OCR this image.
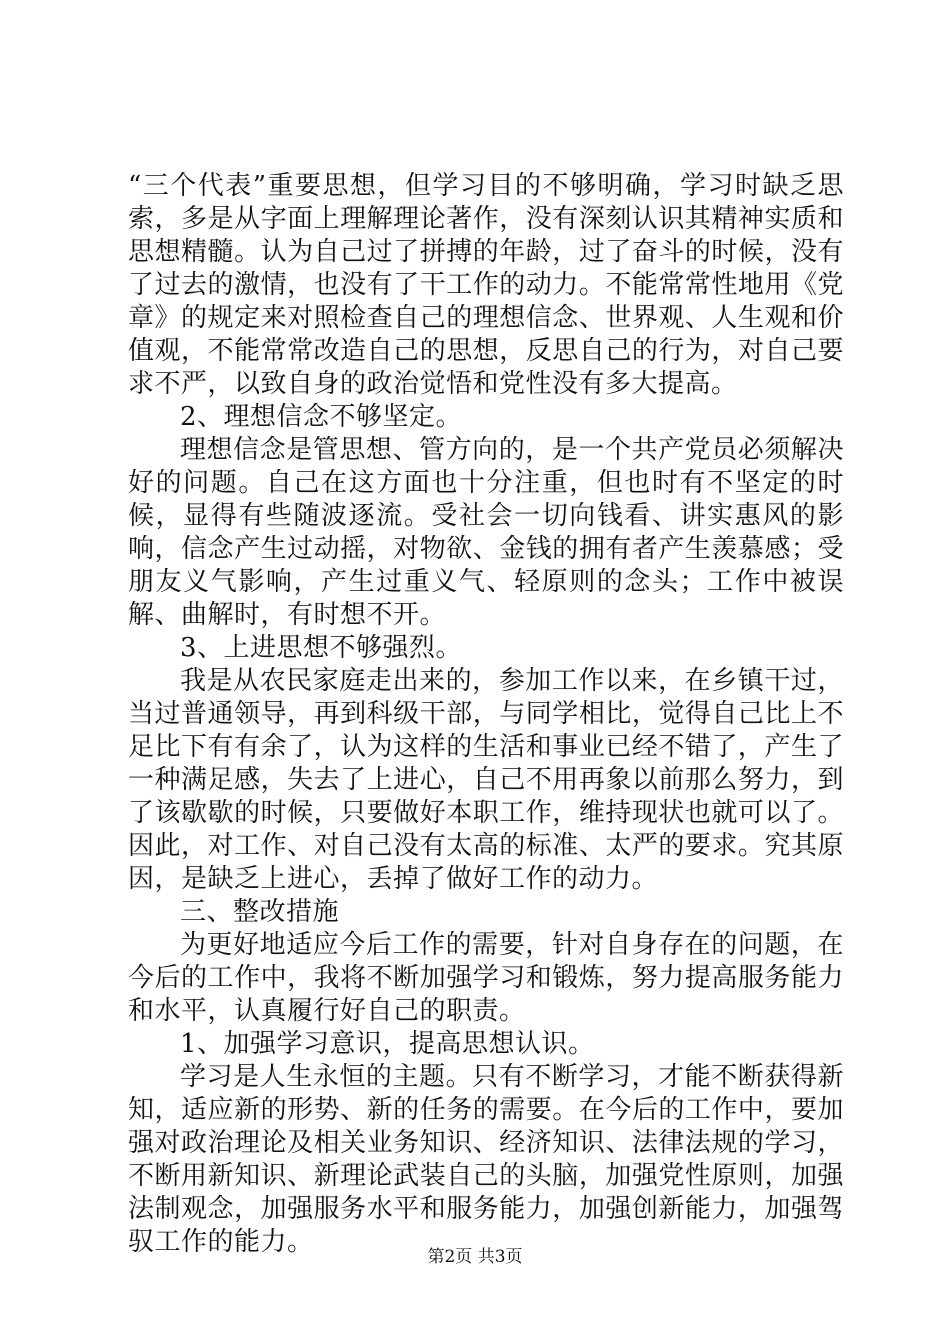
“三个代表”重要思想，但学习目的不够明确，学习时缺乏思索，多是从字面上理解理论著作，没有深刻认识其精神实质和思想精髓。认为自己过了拼搏的年龄，过了奋斗的时候，没有了过去的激情，也没有了干工作的动力。不能常常性地用《党章》的规定来对照检查自己的理想信念、世界观、人生观和价值观，不能常常改造自己的思想，反思自己的行为，对自己要求不严，以致自身的政治觉悟和党性没有多大提高。

2、理想信念不够坚定。

理想信念是管思想、管方向的，是一个共产党员必须解决好的问题。自己在这方面也十分注重，但也时有不坚定的时候，显得有些随波逐流。受社会一切向钱看、讲实惠风的影响，信念产生过动摇，对物欲、金钱的拥有者产生羡慕感；受朋友义气影响，产生过重义气、轻原则的念头；工作中被误解、曲解时，有时想不开。

3、上进思想不够强烈。

我是从农民家庭走出来的，参加工作以来，在乡镇干过，当过普通领导，再到科级干部，与同学相比，觉得自己比上不足比下有有余了，认为这样的生活和事业已经不错了，产生了一种满足感，失去了上进心，自己不用再象以前那么努力，到了该歇歇的时候，只要做好本职工作，维持现状也就可以了。因此，对工作、对自己没有太高的标准、太严的要求。究其原因，是缺乏上进心，丢掉了做好工作的动力。

三、整改措施

为更好地适应今后工作的需要，针对自身存在的问题，在今后的工作中，我将不断加强学习和锻炼，努力提高服务能力和水平，认真履行好自己的职责。

1、加强学习意识，提高思想认识。

学习是人生永恒的主题。只有不断学习，才能不断获得新知，适应新的形势、新的任务的需要。在今后的工作中，要加强对政治理论及相关业务知识、经济知识、法律法规的学习，不断用新知识、新理论武装自己的头脑，加强党性原则，加强法制观念，加强服务水平和服务能力，加强创新能力，加强驾驭工作的能力。	第2页 共3页
